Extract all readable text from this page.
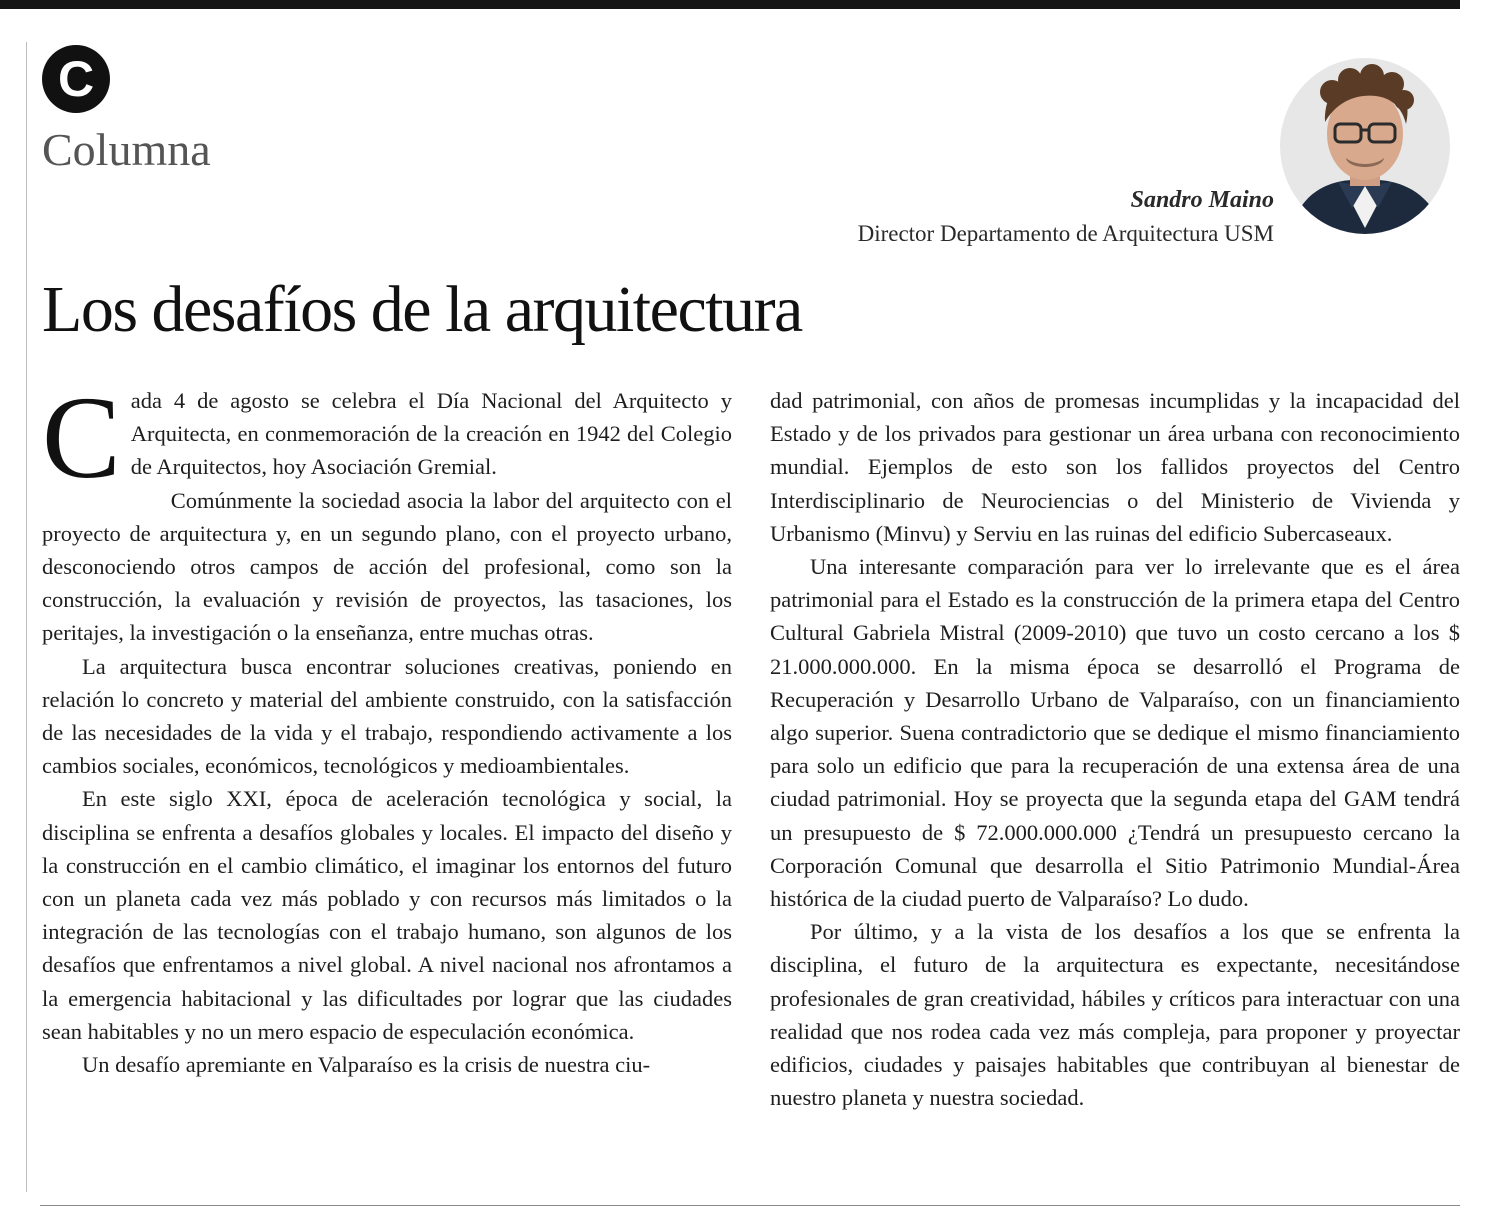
C
Columna
Sandro Maino
Director Departamento de Arquitectura USM
Los desafíos de la arquitectura

Cada 4 de agosto se celebra el Día Nacional del Arquitecto y Arquitecta, en conmemoración de la creación en 1942 del Colegio de Arquitectos, hoy Asociación Gremial.

Comúnmente la sociedad asocia la labor del arquitecto con el proyecto de arquitectura y, en un segundo plano, con el proyecto urbano, desconociendo otros campos de acción del profesional, como son la construcción, la evaluación y revisión de proyectos, las tasaciones, los peritajes, la investigación o la enseñanza, entre muchas otras.

La arquitectura busca encontrar soluciones creativas, poniendo en relación lo concreto y material del ambiente construido, con la satisfacción de las necesidades de la vida y el trabajo, respondiendo activamente a los cambios sociales, económicos, tecnológicos y medioambientales.

En este siglo XXI, época de aceleración tecnológica y social, la disciplina se enfrenta a desafíos globales y locales. El impacto del diseño y la construcción en el cambio climático, el imaginar los entornos del futuro con un planeta cada vez más poblado y con recursos más limitados o la integración de las tecnologías con el trabajo humano, son algunos de los desafíos que enfrentamos a nivel global. A nivel nacional nos afrontamos a la emergencia habitacional y las dificultades por lograr que las ciudades sean habitables y no un mero espacio de especulación económica.

Un desafío apremiante en Valparaíso es la crisis de nuestra ciu-

dad patrimonial, con años de promesas incumplidas y la incapacidad del Estado y de los privados para gestionar un área urbana con reconocimiento mundial. Ejemplos de esto son los fallidos proyectos del Centro Interdisciplinario de Neurociencias o del Ministerio de Vivienda y Urbanismo (Minvu) y Serviu en las ruinas del edificio Subercaseaux.

Una interesante comparación para ver lo irrelevante que es el área patrimonial para el Estado es la construcción de la primera etapa del Centro Cultural Gabriela Mistral (2009-2010) que tuvo un costo cercano a los $ 21.000.000.000. En la misma época se desarrolló el Programa de Recuperación y Desarrollo Urbano de Valparaíso, con un financiamiento algo superior. Suena contradictorio que se dedique el mismo financiamiento para solo un edificio que para la recuperación de una extensa área de una ciudad patrimonial. Hoy se proyecta que la segunda etapa del GAM tendrá un presupuesto de $ 72.000.000.000 ¿Tendrá un presupuesto cercano la Corporación Comunal que desarrolla el Sitio Patrimonio Mundial-Área histórica de la ciudad puerto de Valparaíso? Lo dudo.

Por último, y a la vista de los desafíos a los que se enfrenta la disciplina, el futuro de la arquitectura es expectante, necesitándose profesionales de gran creatividad, hábiles y críticos para interactuar con una realidad que nos rodea cada vez más compleja, para proponer y proyectar edificios, ciudades y paisajes habitables que contribuyan al bienestar de nuestro planeta y nuestra sociedad.
